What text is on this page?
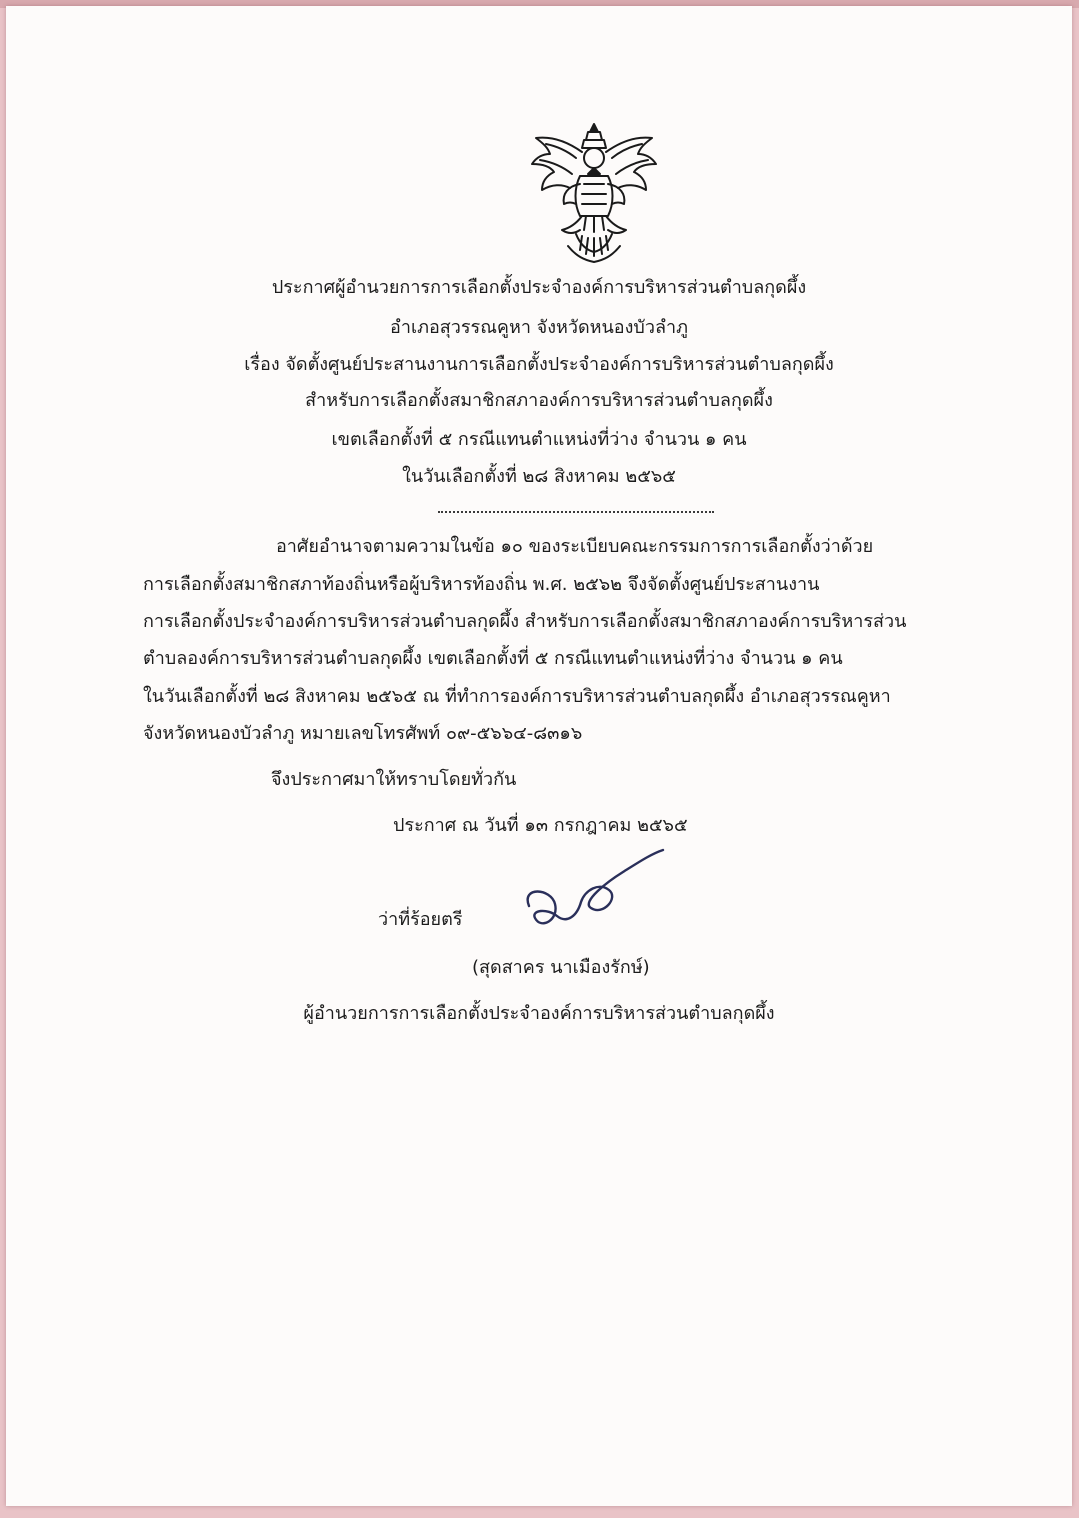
ประกาศผู้อำนวยการการเลือกตั้งประจำองค์การบริหารส่วนตำบลกุดผึ้ง
อำเภอสุวรรณคูหา จังหวัดหนองบัวลำภู
เรื่อง จัดตั้งศูนย์ประสานงานการเลือกตั้งประจำองค์การบริหารส่วนตำบลกุดผึ้ง
สำหรับการเลือกตั้งสมาชิกสภาองค์การบริหารส่วนตำบลกุดผึ้ง
เขตเลือกตั้งที่ ๕ กรณีแทนตำแหน่งที่ว่าง จำนวน ๑ คน
ในวันเลือกตั้งที่ ๒๘ สิงหาคม ๒๕๖๕
อาศัยอำนาจตามความในข้อ ๑๐ ของระเบียบคณะกรรมการการเลือกตั้งว่าด้วย
การเลือกตั้งสมาชิกสภาท้องถิ่นหรือผู้บริหารท้องถิ่น พ.ศ. ๒๕๖๒ จึงจัดตั้งศูนย์ประสานงาน
การเลือกตั้งประจำองค์การบริหารส่วนตำบลกุดผึ้ง สำหรับการเลือกตั้งสมาชิกสภาองค์การบริหารส่วน
ตำบลองค์การบริหารส่วนตำบลกุดผึ้ง เขตเลือกตั้งที่ ๕ กรณีแทนตำแหน่งที่ว่าง จำนวน ๑ คน
ในวันเลือกตั้งที่ ๒๘ สิงหาคม ๒๕๖๕ ณ ที่ทำการองค์การบริหารส่วนตำบลกุดผึ้ง อำเภอสุวรรณคูหา
จังหวัดหนองบัวลำภู หมายเลขโทรศัพท์ ๐๙-๕๖๖๔-๘๓๑๖
จึงประกาศมาให้ทราบโดยทั่วกัน
ประกาศ ณ วันที่ ๑๓ กรกฎาคม ๒๕๖๕
ว่าที่ร้อยตรี
(สุดสาคร นาเมืองรักษ์)
ผู้อำนวยการการเลือกตั้งประจำองค์การบริหารส่วนตำบลกุดผึ้ง
